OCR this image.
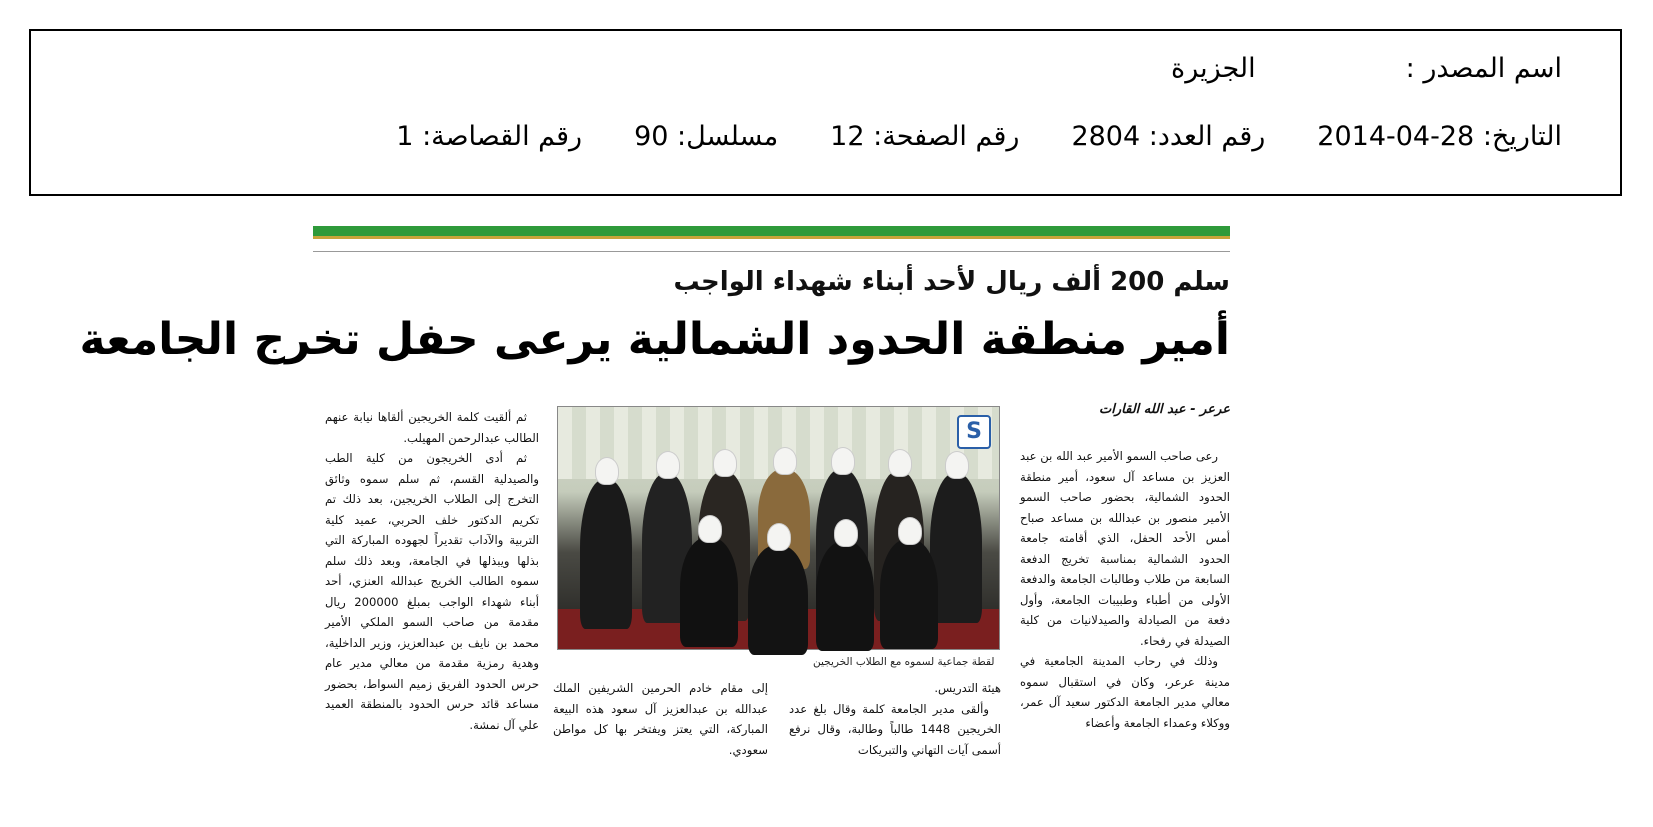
اسم المصدر :
الجزيرة
التاريخ:

2014-04-28
رقم العدد:

2804
رقم الصفحة:

12
مسلسل:

90
رقم القصاصة:

1
سلم 200 ألف ريال لأحد أبناء شهداء الواجب
أمير منطقة الحدود الشمالية يرعى حفل تخرج الجامعة
عرعر - عبد الله القارات

رعى صاحب السمو الأمير عبد الله بن عبد العزيز بن مساعد آل سعود، أمير منطقة الحدود الشمالية، بحضور صاحب السمو الأمير منصور بن عبدالله بن مساعد صباح أمس الأحد الحفل، الذي أقامته جامعة الحدود الشمالية بمناسبة تخريج الدفعة السابعة من طلاب وطالبات الجامعة والدفعة الأولى من أطباء وطبيبات الجامعة، وأول دفعة من الصيادلة والصيدلانيات من كلية الصيدلة في رفحاء.

وذلك في رحاب المدينة الجامعية في مدينة عرعر، وكان في استقبال سموه معالي مدير الجامعة الدكتور سعيد آل عمر، ووكلاء وعمداء الجامعة وأعضاء

S
لقطة جماعية لسموه مع الطلاب الخريجين

هيئة التدريس.

وألقى مدير الجامعة كلمة وقال بلغ عدد الخريجين 1448 طالباً وطالبة، وقال نرفع أسمى آيات التهاني والتبريكات

إلى مقام خادم الحرمين الشريفين الملك عبدالله بن عبدالعزيز آل سعود هذه البيعة المباركة، التي يعتز ويفتخر بها كل مواطن سعودي.

ثم ألقيت كلمة الخريجين ألقاها نيابة عنهم الطالب عبدالرحمن المهيلب.

ثم أدى الخريجون من كلية الطب والصيدلية القسم، ثم سلم سموه وثائق التخرج إلى الطلاب الخريجين، بعد ذلك تم تكريم الدكتور خلف الحربي، عميد كلية التربية والآداب تقديراً لجهوده المباركة التي بذلها ويبذلها في الجامعة، وبعد ذلك سلم سموه الطالب الخريج عبدالله العنزي، أحد أبناء شهداء الواجب بمبلغ 200000 ريال مقدمة من صاحب السمو الملكي الأمير محمد بن نايف بن عبدالعزيز، وزير الداخلية، وهدية رمزية مقدمة من معالي مدير عام حرس الحدود الفريق زميم السواط، بحضور مساعد قائد حرس الحدود بالمنطقة العميد علي آل نمشة.
